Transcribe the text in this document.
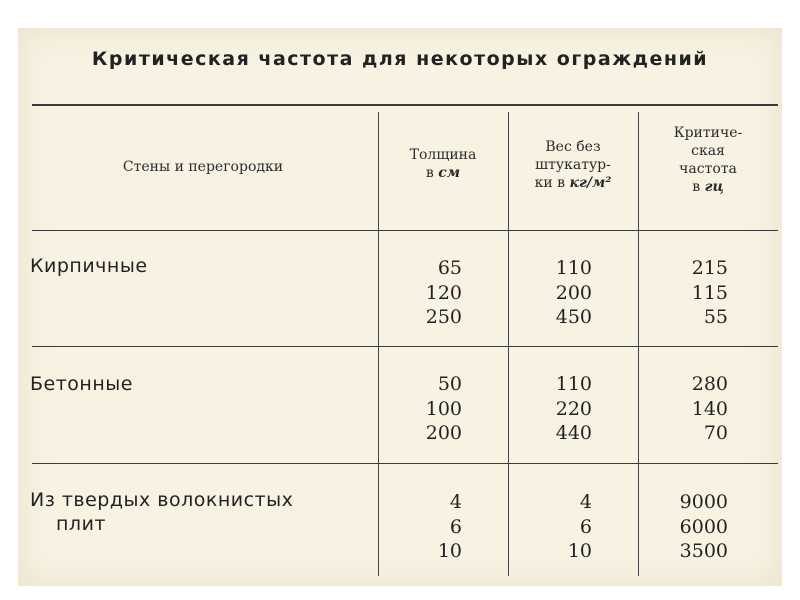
Критическая частота для некоторых ограждений
Стены и перегородки
Толщина
в см
Вес без
штукатур-
ки в кг/м²
Критиче-
ская
частота
в гц
Кирпичные	65
120
250
110
200
450
215
115
55
Бетонные	50
100
200
110
220
440
280
140
70
Из твердых волокнистых
плит
4
6
10
4
6
10
9000
6000
3500
